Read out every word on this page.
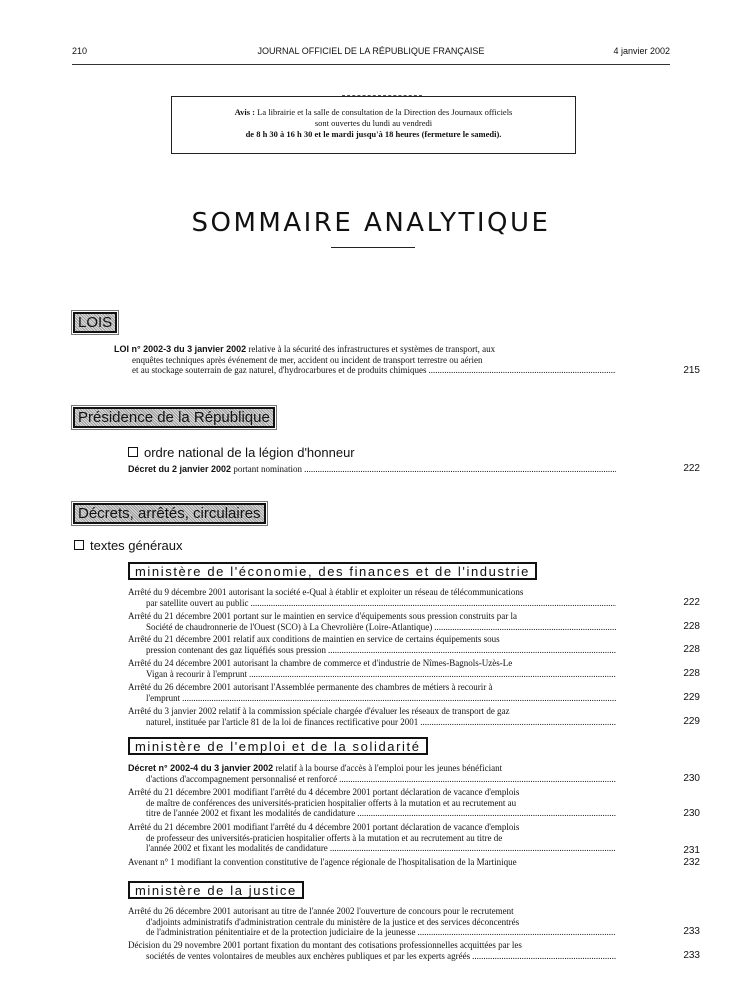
210	JOURNAL OFFICIEL DE LA RÉPUBLIQUE FRANÇAISE	4 janvier 2002
Avis : La librairie et la salle de consultation de la Direction des Journaux officiels
sont ouvertes du lundi au vendredi
de 8 h 30 à 16 h 30 et le mardi jusqu'à 18 heures (fermeture le samedi).
SOMMAIRE ANALYTIQUE
LOIS
LOI n° 2002-3 du 3 janvier 2002 relative à la sécurité des infrastructures et systèmes de transport, aux
enquêtes techniques après événement de mer, accident ou incident de transport terrestre ou aérien
et au stockage souterrain de gaz naturel, d'hydrocarbures et de produits chimiques .....	215
Présidence de la République
ordre national de la légion d'honneur
Décret du 2 janvier 2002 portant nomination .....	222
Décrets, arrêtés, circulaires
textes généraux
ministère de l'économie, des finances et de l'industrie
Arrêté du 9 décembre 2001 autorisant la société e-Qual à établir et exploiter un réseau de télécommunications
par satellite ouvert au public .....	222
Arrêté du 21 décembre 2001 portant sur le maintien en service d'équipements sous pression construits par la
Société de chaudronnerie de l'Ouest (SCO) à La Chevrolière (Loire-Atlantique) .....	228
Arrêté du 21 décembre 2001 relatif aux conditions de maintien en service de certains équipements sous
pression contenant des gaz liquéfiés sous pression .....	228
Arrêté du 24 décembre 2001 autorisant la chambre de commerce et d'industrie de Nîmes-Bagnols-Uzès-Le
Vigan à recourir à l'emprunt .....	228
Arrêté du 26 décembre 2001 autorisant l'Assemblée permanente des chambres de métiers à recourir à
l'emprunt .....	229
Arrêté du 3 janvier 2002 relatif à la commission spéciale chargée d'évaluer les réseaux de transport de gaz
naturel, instituée par l'article 81 de la loi de finances rectificative pour 2001 .....	229
ministère de l'emploi et de la solidarité
Décret n° 2002-4 du 3 janvier 2002 relatif à la bourse d'accès à l'emploi pour les jeunes bénéficiant
d'actions d'accompagnement personnalisé et renforcé .....	230
Arrêté du 21 décembre 2001 modifiant l'arrêté du 4 décembre 2001 portant déclaration de vacance d'emplois
de maître de conférences des universités-praticien hospitalier offerts à la mutation et au recrutement au
titre de l'année 2002 et fixant les modalités de candidature .....	230
Arrêté du 21 décembre 2001 modifiant l'arrêté du 4 décembre 2001 portant déclaration de vacance d'emplois
de professeur des universités-praticien hospitalier offerts à la mutation et au recrutement au titre de
l'année 2002 et fixant les modalités de candidature .....	231
Avenant n° 1 modifiant la convention constitutive de l'agence régionale de l'hospitalisation de la Martinique	232
ministère de la justice
Arrêté du 26 décembre 2001 autorisant au titre de l'année 2002 l'ouverture de concours pour le recrutement
d'adjoints administratifs d'administration centrale du ministère de la justice et des services déconcentrés
de l'administration pénitentiaire et de la protection judiciaire de la jeunesse .....	233
Décision du 29 novembre 2001 portant fixation du montant des cotisations professionnelles acquittées par les
sociétés de ventes volontaires de meubles aux enchères publiques et par les experts agréés .....	233
